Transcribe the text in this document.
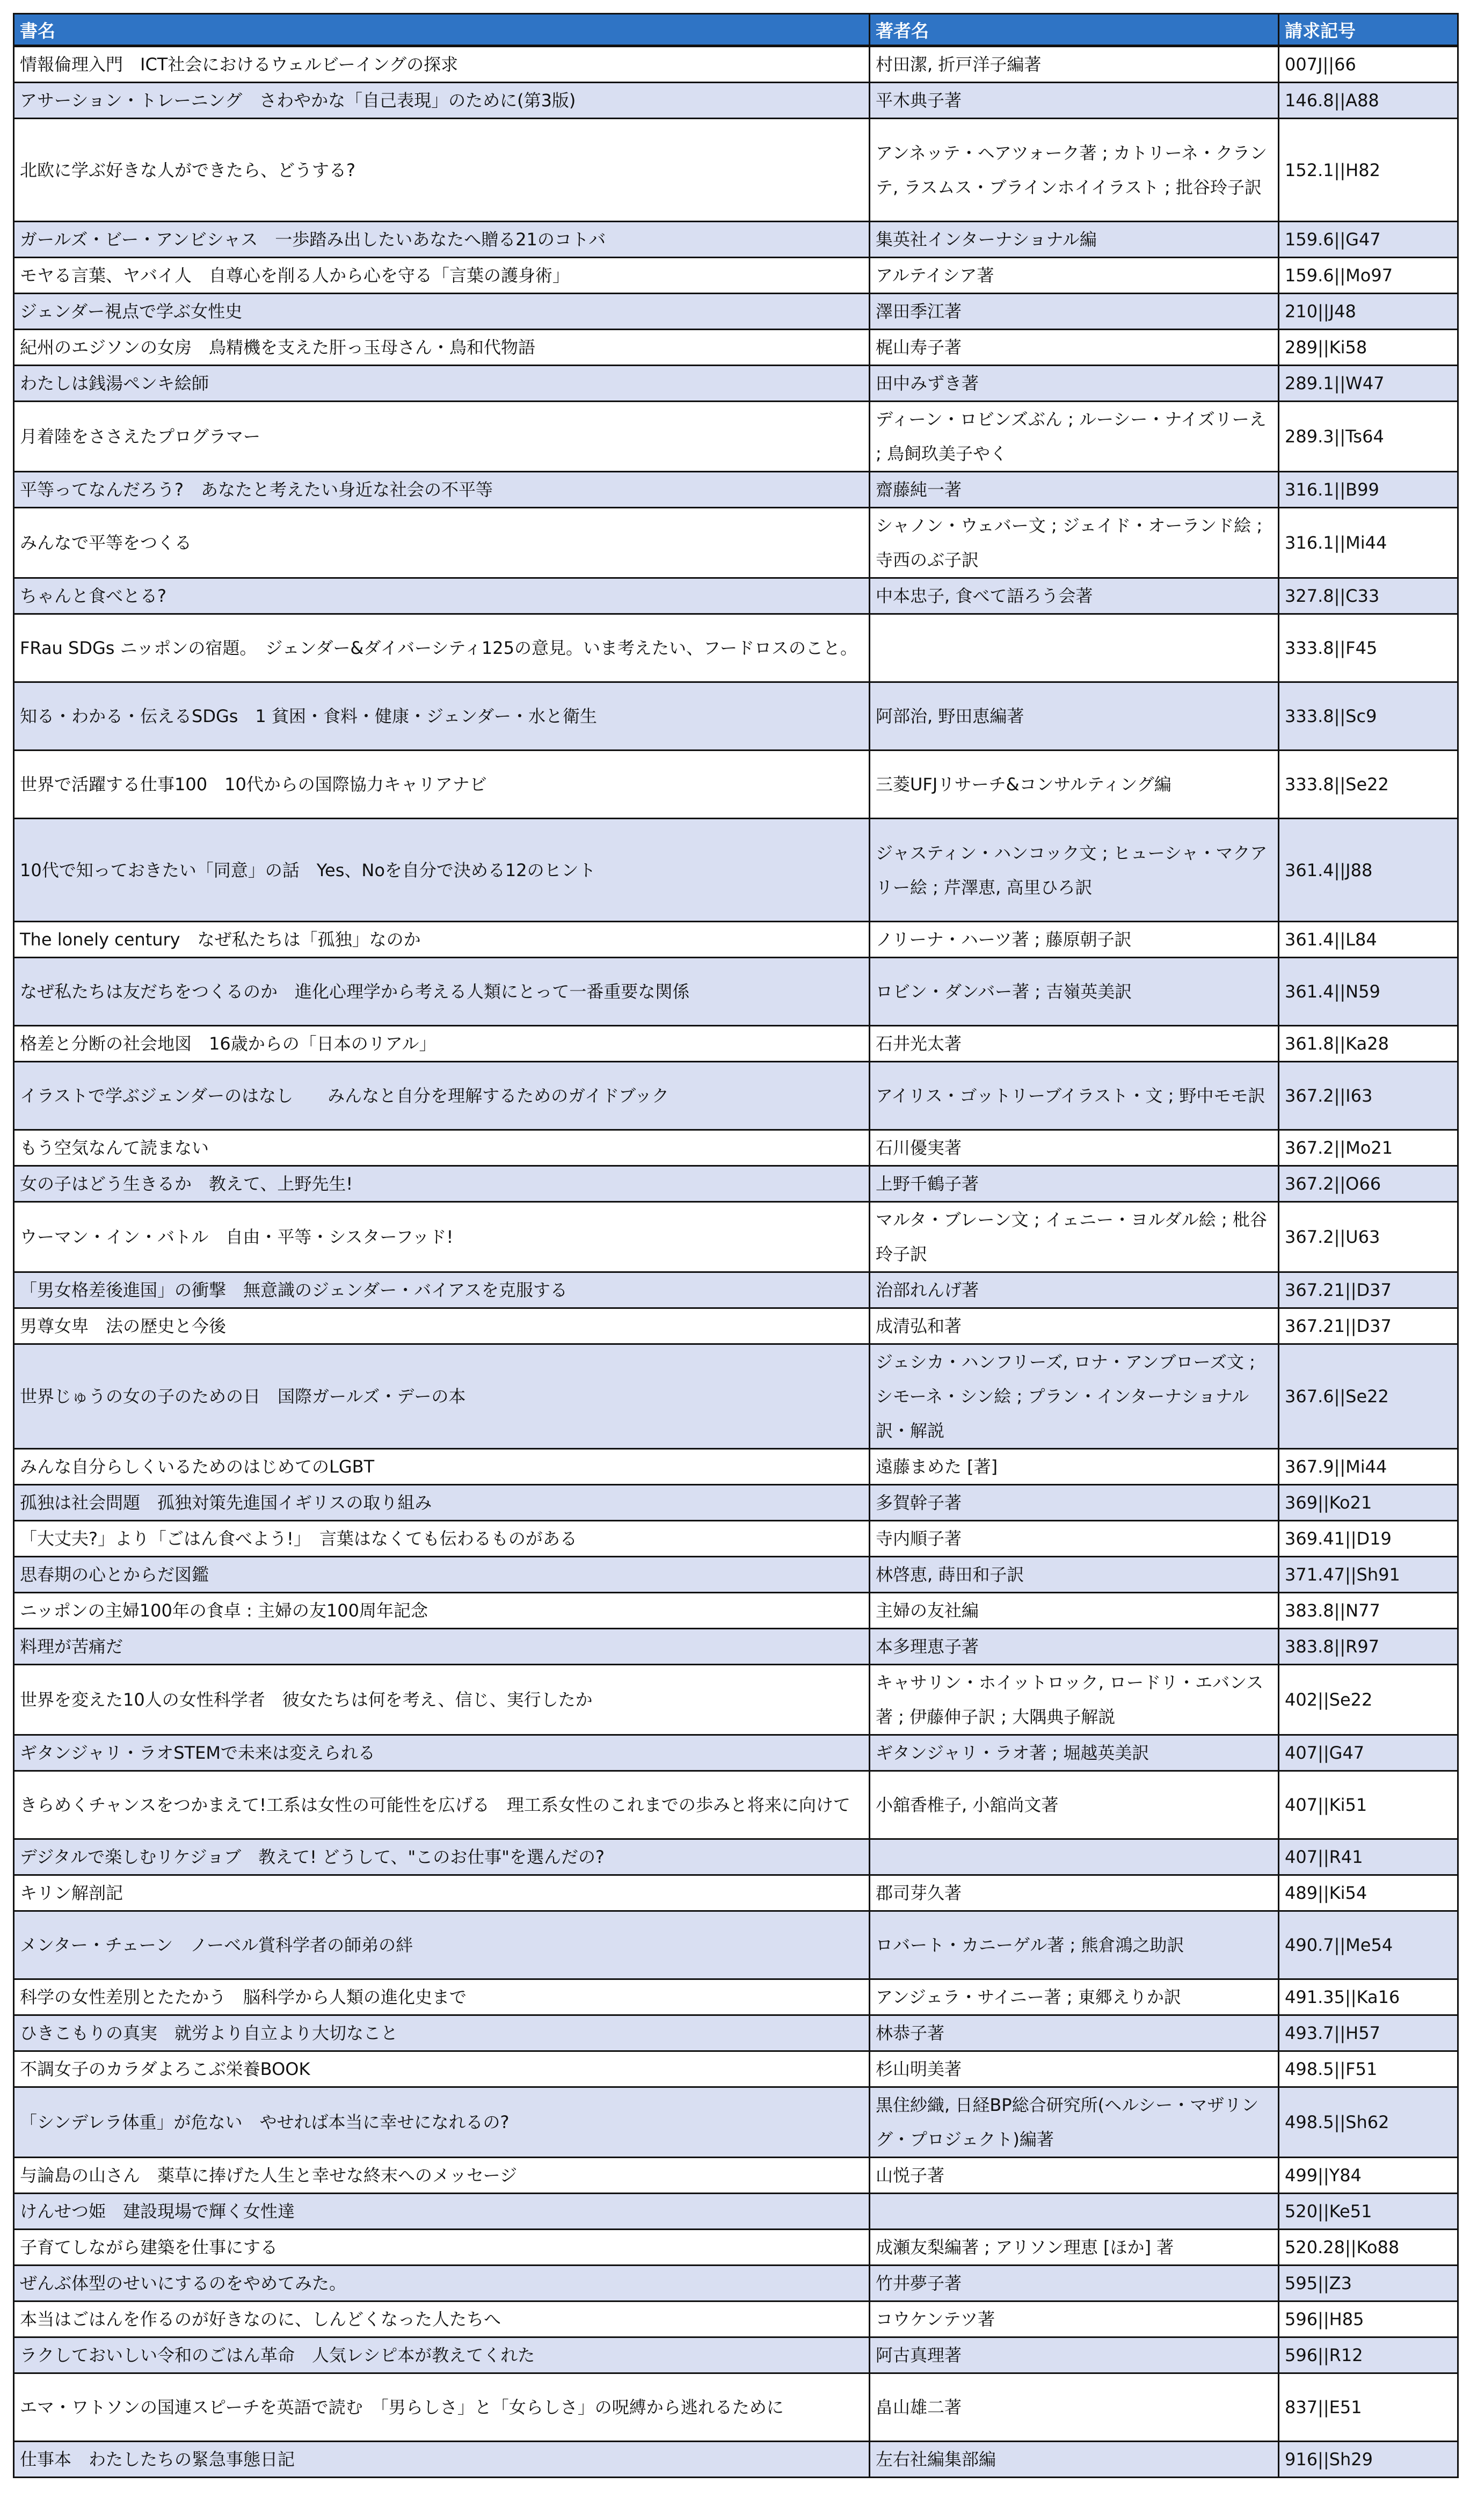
書名	著者名	請求記号
情報倫理入門　ICT社会におけるウェルビーイングの探求	村田潔, 折戸洋子編著	007J||66
アサーション・トレーニング　さわやかな「自己表現」のために(第3版)	平木典子著	146.8||A88
北欧に学ぶ好きな人ができたら、どうする?	アンネッテ・ヘアツォーク著 ; カトリーネ・クランテ, ラスムス・ブラインホイイラスト ; 批谷玲子訳	152.1||H82
ガールズ・ビー・アンビシャス　一歩踏み出したいあなたへ贈る21のコトバ	集英社インターナショナル編	159.6||G47
モヤる言葉、ヤバイ人　自尊心を削る人から心を守る「言葉の護身術」	アルテイシア著	159.6||Mo97
ジェンダー視点で学ぶ女性史	澤田季江著	210||J48
紀州のエジソンの女房　鳥精機を支えた肝っ玉母さん・鳥和代物語	梶山寿子著	289||Ki58
わたしは銭湯ペンキ絵師	田中みずき著	289.1||W47
月着陸をささえたプログラマー	ディーン・ロビンズぶん ; ルーシー・ナイズリーえ ; 鳥飼玖美子やく	289.3||Ts64
平等ってなんだろう?　あなたと考えたい身近な社会の不平等	齋藤純一著	316.1||B99
みんなで平等をつくる	シャノン・ウェバー文 ; ジェイド・オーランド絵 ; 寺西のぶ子訳	316.1||Mi44
ちゃんと食べとる?	中本忠子, 食べて語ろう会著	327.8||C33
FRau SDGs ニッポンの宿題。　ジェンダー&ダイバーシティ125の意見。いま考えたい、フードロスのこと。		333.8||F45
知る・わかる・伝えるSDGs　1 貧困・食料・健康・ジェンダー・水と衛生	阿部治, 野田恵編著	333.8||Sc9
世界で活躍する仕事100　10代からの国際協力キャリアナビ	三菱UFJリサーチ&コンサルティング編	333.8||Se22
10代で知っておきたい「同意」の話　Yes、Noを自分で決める12のヒント	ジャスティン・ハンコック文 ; ヒューシャ・マクアリー絵 ; 芹澤恵, 高里ひろ訳	361.4||J88
The lonely century　なぜ私たちは「孤独」なのか	ノリーナ・ハーツ著 ; 藤原朝子訳	361.4||L84
なぜ私たちは友だちをつくるのか　進化心理学から考える人類にとって一番重要な関係	ロビン・ダンバー著 ; 吉嶺英美訳	361.4||N59
格差と分断の社会地図　16歳からの「日本のリアル」	石井光太著	361.8||Ka28
イラストで学ぶジェンダーのはなし　　みんなと自分を理解するためのガイドブック	アイリス・ゴットリーブイラスト・文 ; 野中モモ訳	367.2||I63
もう空気なんて読まない	石川優実著	367.2||Mo21
女の子はどう生きるか　教えて、上野先生!	上野千鶴子著	367.2||O66
ウーマン・イン・バトル　自由・平等・シスターフッド!	マルタ・ブレーン文 ; イェニー・ヨルダル絵 ; 枇谷玲子訳	367.2||U63
「男女格差後進国」の衝撃　無意識のジェンダー・バイアスを克服する	治部れんげ著	367.21||D37
男尊女卑　法の歴史と今後	成清弘和著	367.21||D37
世界じゅうの女の子のための日　国際ガールズ・デーの本	ジェシカ・ハンフリーズ, ロナ・アンブローズ文 ; シモーネ・シン絵 ; プラン・インターナショナル訳・解説	367.6||Se22
みんな自分らしくいるためのはじめてのLGBT	遠藤まめた [著]	367.9||Mi44
孤独は社会問題　孤独対策先進国イギリスの取り組み	多賀幹子著	369||Ko21
「大丈夫?」より「ごはん食べよう!」　言葉はなくても伝わるものがある	寺内順子著	369.41||D19
思春期の心とからだ図鑑	林啓恵, 蒔田和子訳	371.47||Sh91
ニッポンの主婦100年の食卓 : 主婦の友100周年記念	主婦の友社編	383.8||N77
料理が苦痛だ	本多理恵子著	383.8||R97
世界を変えた10人の女性科学者　彼女たちは何を考え、信じ、実行したか	キャサリン・ホイットロック, ロードリ・エバンス著 ; 伊藤伸子訳 ; 大隅典子解説	402||Se22
ギタンジャリ・ラオSTEMで未来は変えられる	ギタンジャリ・ラオ著 ; 堀越英美訳	407||G47
きらめくチャンスをつかまえて!工系は女性の可能性を広げる　理工系女性のこれまでの歩みと将来に向けて	小舘香椎子, 小舘尚文著	407||Ki51
デジタルで楽しむリケジョブ　教えて! どうして、"このお仕事"を選んだの?		407||R41
キリン解剖記	郡司芽久著	489||Ki54
メンター・チェーン　ノーベル賞科学者の師弟の絆	ロバート・カニーゲル著 ; 熊倉鴻之助訳	490.7||Me54
科学の女性差別とたたかう　脳科学から人類の進化史まで	アンジェラ・サイニー著 ; 東郷えりか訳	491.35||Ka16
ひきこもりの真実　就労より自立より大切なこと	林恭子著	493.7||H57
不調女子のカラダよろこぶ栄養BOOK	杉山明美著	498.5||F51
「シンデレラ体重」が危ない　やせれば本当に幸せになれるの?	黒住紗織, 日経BP総合研究所(ヘルシー・マザリング・プロジェクト)編著	498.5||Sh62
与論島の山さん　薬草に捧げた人生と幸せな終末へのメッセージ	山悦子著	499||Y84
けんせつ姫　建設現場で輝く女性達		520||Ke51
子育てしながら建築を仕事にする	成瀬友梨編著 ; アリソン理恵 [ほか] 著	520.28||Ko88
ぜんぶ体型のせいにするのをやめてみた。	竹井夢子著	595||Z3
本当はごはんを作るのが好きなのに、しんどくなった人たちへ	コウケンテツ著	596||H85
ラクしておいしい令和のごはん革命　人気レシピ本が教えてくれた	阿古真理著	596||R12
エマ・ワトソンの国連スピーチを英語で読む　「男らしさ」と「女らしさ」の呪縛から逃れるために	畠山雄二著	837||E51
仕事本　わたしたちの緊急事態日記	左右社編集部編	916||Sh29
